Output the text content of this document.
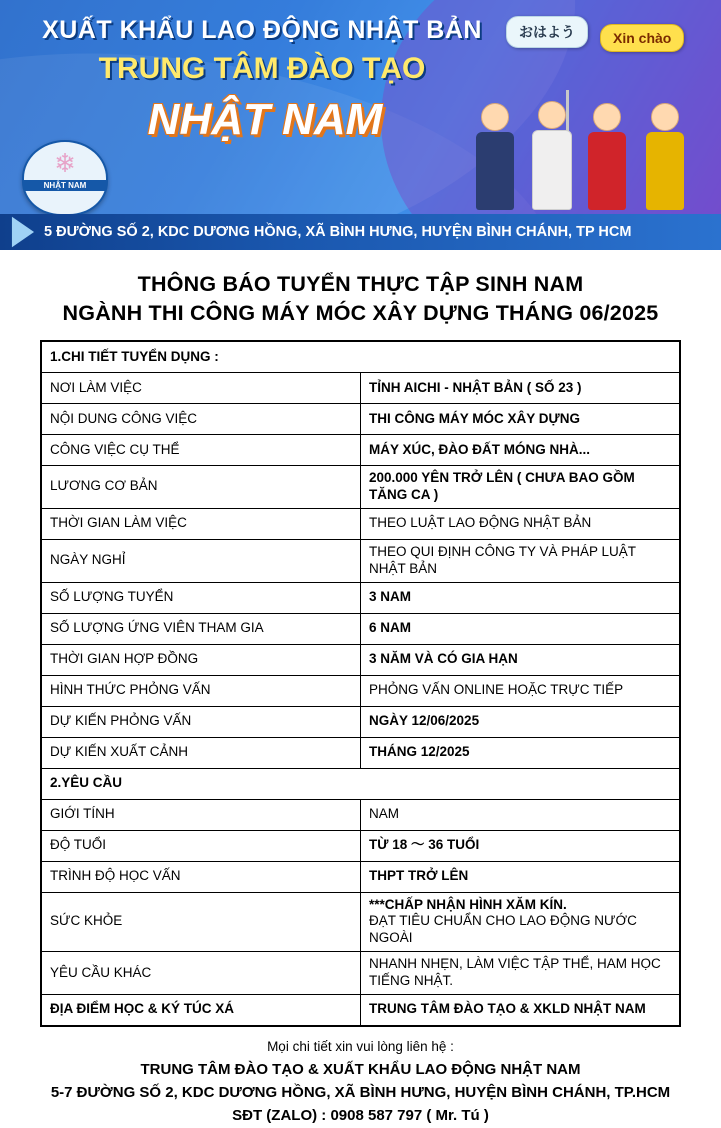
XUẤT KHẨU LAO ĐỘNG NHẬT BẢN
TRUNG TÂM ĐÀO TẠO
NHẬT NAM
❄
NHẬT NAM
おはよう	Xin chào
5 ĐƯỜNG SỐ 2, KDC DƯƠNG HỒNG, XÃ BÌNH HƯNG, HUYỆN BÌNH CHÁNH, TP HCM
THÔNG BÁO TUYỂN THỰC TẬP SINH NAM
NGÀNH THI CÔNG MÁY MÓC XÂY DỰNG THÁNG 06/2025
1.CHI TIẾT TUYỂN DỤNG :	
NƠI LÀM VIỆC	TỈNH AICHI - NHẬT BẢN ( SỐ 23 )
NỘI DUNG CÔNG VIỆC	THI CÔNG MÁY MÓC XÂY DỰNG
CÔNG VIỆC CỤ THỂ	MÁY XÚC, ĐÀO ĐẤT MÓNG NHÀ...
LƯƠNG CƠ BẢN	200.000 YÊN TRỞ LÊN ( CHƯA BAO GỒM TĂNG CA )
THỜI GIAN LÀM VIỆC	THEO LUẬT LAO ĐỘNG NHẬT BẢN
NGÀY NGHỈ	THEO QUI ĐỊNH CÔNG TY VÀ PHÁP LUẬT NHẬT BẢN
SỐ LƯỢNG TUYỂN	3 NAM
SỐ LƯỢNG ỨNG VIÊN THAM GIA	6 NAM
THỜI GIAN HỢP ĐỒNG	3 NĂM VÀ CÓ GIA HẠN
HÌNH THỨC PHỎNG VẤN	PHỎNG VẤN ONLINE HOẶC TRỰC TIẾP
DỰ KIẾN PHỎNG VẤN	NGÀY 12/06/2025
DỰ KIẾN XUẤT CẢNH	THÁNG 12/2025
2.YÊU CẦU	
GIỚI TÍNH	NAM
ĐỘ TUỔI	TỪ 18 ～ 36 TUỔI
TRÌNH ĐỘ HỌC VẤN	THPT TRỞ LÊN
SỨC KHỎE	***CHẤP NHẬN HÌNH XĂM KÍN.
ĐẠT TIÊU CHUẨN CHO LAO ĐỘNG NƯỚC NGOÀI

YÊU CẦU KHÁC	NHANH NHẸN, LÀM VIỆC TẬP THỂ, HAM HỌC TIẾNG NHẬT.
ĐỊA ĐIỂM HỌC & KÝ TÚC XÁ	TRUNG TÂM ĐÀO TẠO & XKLD NHẬT NAM
Mọi chi tiết xin vui lòng liên hệ :
TRUNG TÂM ĐÀO TẠO & XUẤT KHẨU LAO ĐỘNG NHẬT NAM
5-7 ĐƯỜNG SỐ 2, KDC DƯƠNG HỒNG, XÃ BÌNH HƯNG, HUYỆN BÌNH CHÁNH, TP.HCM
SĐT (ZALO) : 0908 587 797 ( Mr. Tú )
